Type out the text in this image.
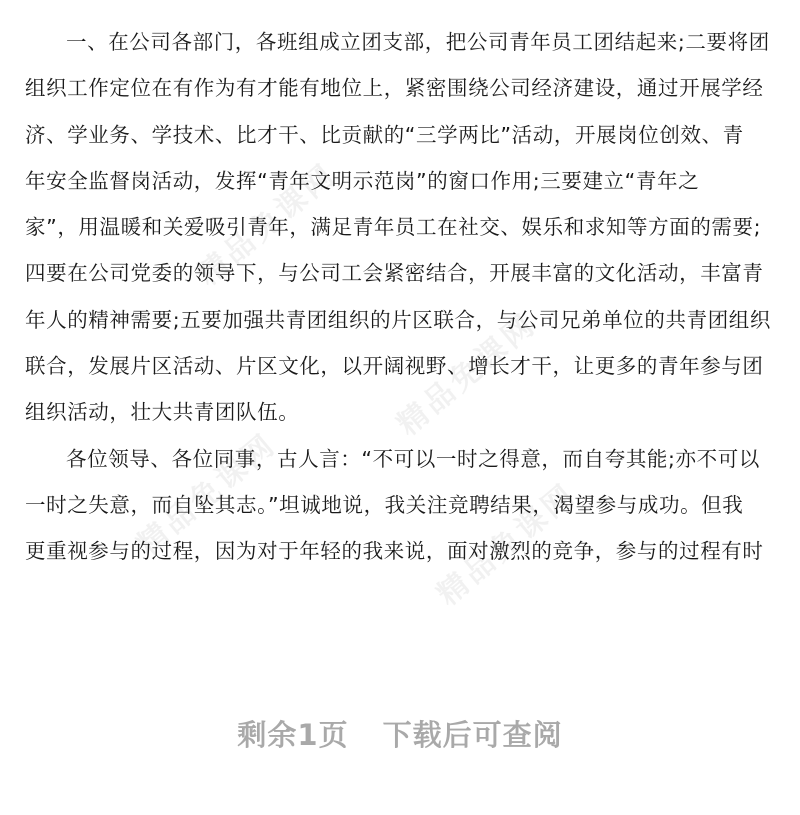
精品免课网
精品免课网
精品免课网	精品免课网
一、在公司各部门，各班组成立团支部，把公司青年员工团结起来;二要将团
组织工作定位在有作为有才能有地位上，紧密围绕公司经济建设，通过开展学经
济、学业务、学技术、比才干、比贡献的“三学两比”活动，开展岗位创效、青
年安全监督岗活动，发挥“青年文明示范岗”的窗口作用;三要建立“青年之
家”，用温暖和关爱吸引青年，满足青年员工在社交、娱乐和求知等方面的需要;
四要在公司党委的领导下，与公司工会紧密结合，开展丰富的文化活动，丰富青
年人的精神需要;五要加强共青团组织的片区联合，与公司兄弟单位的共青团组织
联合，发展片区活动、片区文化，以开阔视野、增长才干，让更多的青年参与团
组织活动，壮大共青团队伍。
各位领导、各位同事，古人言：“不可以一时之得意，而自夸其能;亦不可以
一时之失意，而自坠其志。”坦诚地说，我关注竞聘结果，渴望参与成功。但我
更重视参与的过程，因为对于年轻的我来说，面对激烈的竞争，参与的过程有时
剩余1页 下载后可查阅
